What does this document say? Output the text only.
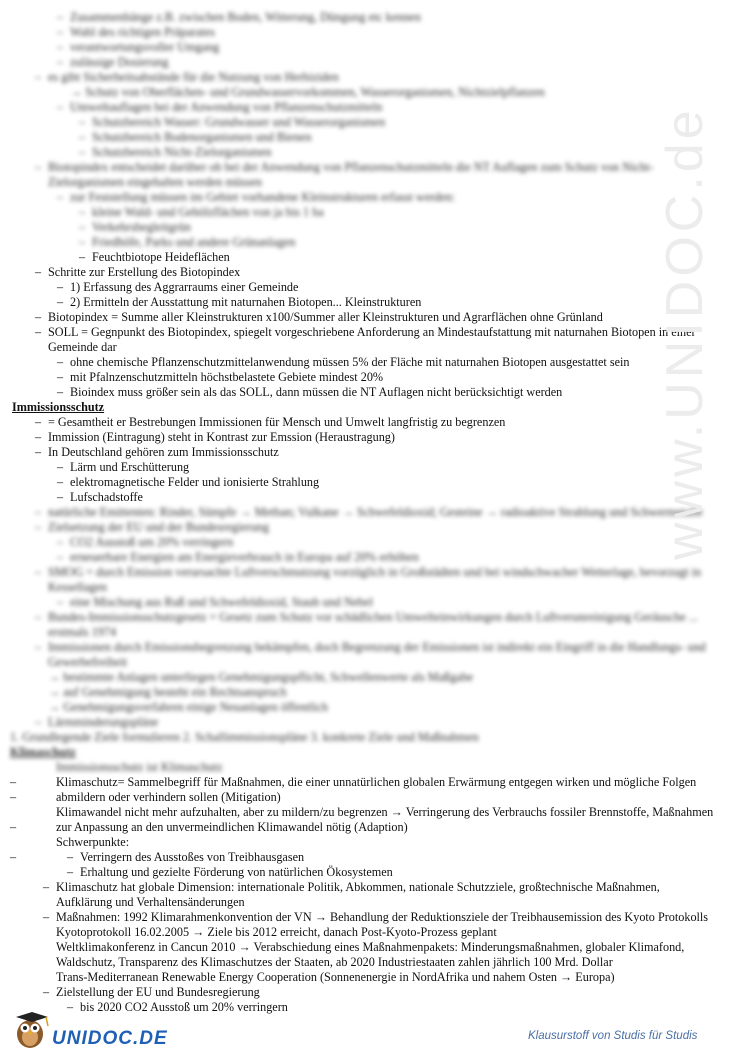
– Zusammenhänge z.B. zwischen Boden, Witterung, Düngung etc kennen
– Wahl des richtigen Präparates
– verantwortungsvoller Umgang
– zulässige Dosierung
– es gibt Sicherheitsabstände für die Nutzung von Herbiziden
→ Schutz von Oberflächen- und Grundwasservorkommen, Wasserorganismen, Nichtzielpflanzen
– Umweltauflagen bei der Anwendung von Pflanzenschutzmitteln
– Schutzbereich Wasser: Grundwasser und Wasserorganismen
– Schutzbereich Bodenorganismen und Bienen
– Schutzbereich Nicht-Zielorganismen
– Biotopindex entscheidet darüber ob bei der Anwendung von Pflanzenschutzmitteln die NT Auflagen zum Schutz von Nicht-
Zielorganismen eingehalten werden müssen
– zur Feststellung müssen im Gebiet vorhandene Kleinstrukturen erfasst werden:
– kleine Wald- und Gehölzflächen von ja bis 1 ha
– Verkehrsbegleitgrün
– Friedhöfe, Parks und andere Grünanlagen
– Feuchtbiotope Heideflächen
– Schritte zur Erstellung des Biotopindex
– 1) Erfassung des Aggrarraums einer Gemeinde
– 2) Ermitteln der Ausstattung mit naturnahen Biotopen... Kleinstrukturen
– Biotopindex = Summe aller Kleinstrukturen x100/Summer aller Kleinstrukturen und Agrarflächen ohne Grünland
– SOLL = Gegnpunkt des Biotopindex, spiegelt vorgeschriebene Anforderung an Mindestaufstattung mit naturnahen Biotopen in einer
Gemeinde dar
– ohne chemische Pflanzenschutzmittelanwendung müssen 5% der Fläche mit naturnahen Biotopen ausgestattet sein
– mit Pfalnzenschutzmitteln höchstbelastete Gebiete mindest 20%
– Bioindex muss größer sein als das SOLL, dann müssen die NT Auflagen nicht berücksichtigt werden
Immissionsschutz
– = Gesamtheit er Bestrebungen Immissionen für Mensch und Umwelt langfristig zu begrenzen
– Immission (Eintragung) steht in Kontrast zur Emssion (Heraustragung)
– In Deutschland gehören zum Immissionsschutz
– Lärm und Erschütterung
– elektromagnetische Felder und ionisierte Strahlung
– Lufschadstoffe
– natürliche Emittenten: Rinder, Sümpfe → Methan; Vulkane → Schwefeldioxid; Gesteine → radioaktive Strahlung und Schwermetalle
– Zielsetzung der EU und der Bundesregierung
– CO2 Ausstoß um 20% verringern
– erneuerbare Energien am Energieverbrauch in Europa auf 20% erhöhen
– SMOG = durch Emission verursachte Luftverschmutzung vorzüglich in Großstädten und bei windschwacher Wetterlage, bevorzugt in
Kessellagen
– eine Mischung aus Ruß und Schwefeldioxid, Staub und Nebel
– Bundes-Immissionsschutzgesetz = Gesetz zum Schutz vor schädlichen Umwelteinwirkungen durch Luftverunreinigung Geräusche ...
erstmals 1974
– Immissionen durch Emissionsbegrenzung bekämpfen, doch Begrenzung der Emissionen ist indirekt ein Eingriff in die Handlungs- und
Gewerbefreiheit
→ bestimmte Anlagen unterliegen Genehmigungspflicht, Schwellenwerte als Maßgabe
→ auf Genehmigung besteht ein Rechtsanspruch
→ Genehmigungsverfahren einige Neuanlagen öffentlich
– Lärmminderungspläne
1. Grundlegende Ziele formulieren 2. Schallimmissionspläne 3. konkrete Ziele und Maßnahmen
Klimaschutz
Immissionsschutz ist Klimaschutz
Klimaschutz= Sammelbegriff für Maßnahmen, die einer unnatürlichen globalen Erwärmung entgegen wirken und mögliche Folgen
abmildern oder verhindern sollen (Mitigation)
Klimawandel nicht mehr aufzuhalten, aber zu mildern/zu begrenzen → Verringerung des Verbrauchs fossiler Brennstoffe, Maßnahmen
zur Anpassung an den unvermeindlichen Klimawandel nötig (Adaption)
Schwerpunkte:
– Verringern des Ausstoßes von Treibhausgasen
– Erhaltung und gezielte Förderung von natürlichen Ökosystemen
– Klimaschutz hat globale Dimension: internationale Politik, Abkommen, nationale Schutzziele, großtechnische Maßnahmen,
Aufklärung und Verhaltensänderungen
– Maßnahmen: 1992 Klimarahmenkonvention der VN → Behandlung der Reduktionsziele der Treibhausemission des Kyoto Protokolls
Kyotoprotokoll 16.02.2005 → Ziele bis 2012 erreicht, danach Post-Kyoto-Prozess geplant
Weltklimakonferenz in Cancun 2010 → Verabschiedung eines Maßnahmenpakets: Minderungsmaßnahmen, globaler Klimafond,
Waldschutz, Transparenz des Klimaschutzes der Staaten, ab 2020 Industriestaaten zahlen jährlich 100 Mrd. Dollar
Trans-Mediterranean Renewable Energy Cooperation (Sonnenenergie in NordAfrika und nahem Osten → Europa)
– Zielstellung der EU und Bundesregierung
– bis 2020 CO2 Ausstoß um 20% verringern
–
–
–
–
www.UNIDOC.de
UNIDOC.DE	Klausurstoff von Studis für Studis
